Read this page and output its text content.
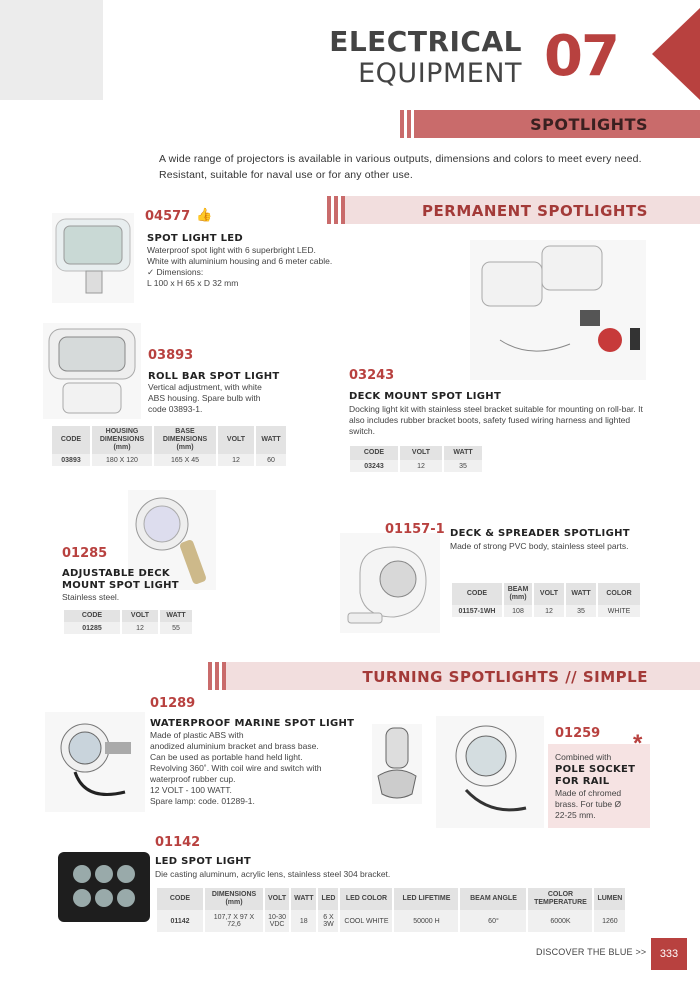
ELECTRICAL
EQUIPMENT 07
SPOTLIGHTS
A wide range of projectors is available in various outputs, dimensions and colors to meet every need. Resistant, suitable for naval use or for any other use.
PERMANENT SPOTLIGHTS
04577 👍
SPOT LIGHT LED
Waterproof spot light with 6 superbright LED.
White with aluminium housing and 6 meter cable.
✓ Dimensions:
L 100 x H 65 x D 32 mm
03893
ROLL BAR SPOT LIGHT
Vertical adjustment, with white
ABS housing. Spare bulb with
code 03893-1.
CODE	HOUSING DIMENSIONS (mm)	BASE DIMENSIONS (mm)	VOLT	WATT
03893	180 X 120	165 X 45	12	60
03243
DECK MOUNT SPOT LIGHT
Docking light kit with stainless steel bracket suitable for mounting on roll-bar. It also includes rubber bracket boots, safety fused wiring harness and lighted switch.
CODE	VOLT	WATT
03243	12	35
01285
ADJUSTABLE DECK
MOUNT SPOT LIGHT
Stainless steel.
CODE	VOLT	WATT
01285	12	55
01157-1 DECK & SPREADER SPOTLIGHT
Made of strong PVC body, stainless steel parts.
CODE	BEAM (mm)	VOLT	WATT	COLOR
01157-1WH	108	12	35	WHITE
TURNING SPOTLIGHTS // SIMPLE
01289
WATERPROOF MARINE SPOT LIGHT
Made of plastic ABS with
anodized aluminium bracket and brass base.
Can be used as portable hand held light.
Revolving 360˚. With coil wire and switch with
waterproof rubber cup.
12 VOLT - 100 WATT.
Spare lamp: code. 01289-1.
01259 *
Combined with
POLE SOCKET
FOR RAIL
Made of chromed
brass. For tube Ø
22-25 mm.
01142
LED SPOT LIGHT
Die casting aluminum, acrylic lens, stainless steel 304 bracket.
CODE	DIMENSIONS (mm)	VOLT	WATT	LED	LED COLOR	LED LIFETIME	BEAM ANGLE	COLOR TEMPERATURE	LUMEN
01142	107,7 X 97 X 72,6	10-30 VDC	18	6 X 3W	COOL WHITE	50000 H	60°	6000K	1260
DISCOVER THE BLUE >>	333
